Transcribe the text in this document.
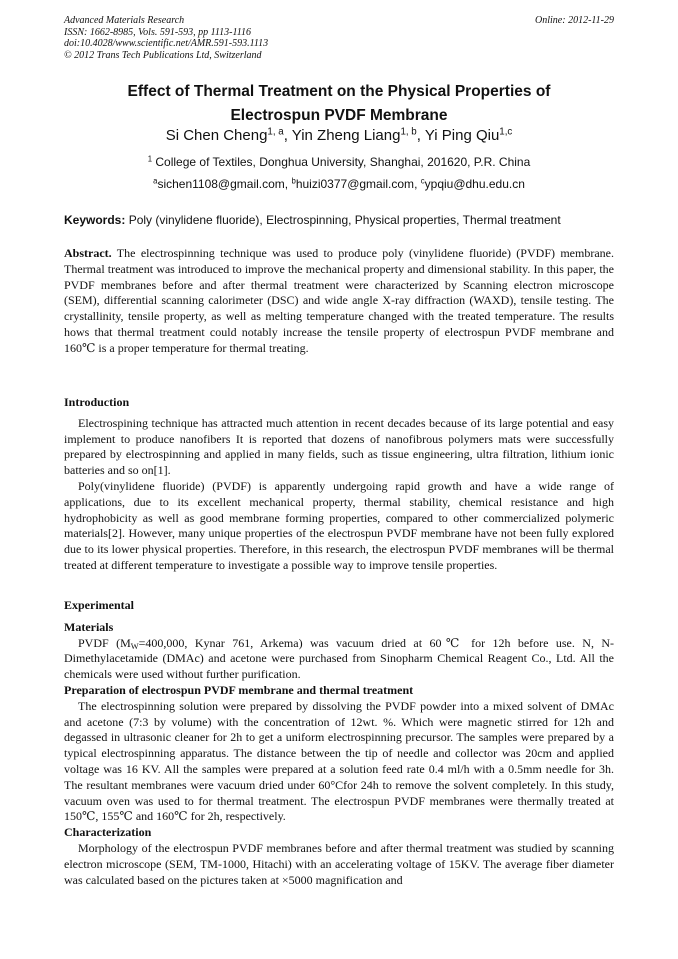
Advanced Materials Research
ISSN: 1662-8985, Vols. 591-593, pp 1113-1116
doi:10.4028/www.scientific.net/AMR.591-593.1113
© 2012 Trans Tech Publications Ltd, Switzerland
Online: 2012-11-29
Effect of Thermal Treatment on the Physical Properties of
Electrospun PVDF Membrane
Si Chen Cheng$^{1, a}$, Yin Zheng Liang$^{1, b}$, Yi Ping Qiu$^{1,c}$
$^1$ College of Textiles, Donghua University, Shanghai, 201620, P.R. China
$^a$sichen1108@gmail.com, $^b$huizi0377@gmail.com, $^c$ypqiu@dhu.edu.cn
Keywords: Poly (vinylidene fluoride), Electrospinning, Physical properties, Thermal treatment

Abstract. The electrospinning technique was used to produce poly (vinylidene fluoride) (PVDF) membrane. Thermal treatment was introduced to improve the mechanical property and dimensional stability. In this paper, the PVDF membranes before and after thermal treatment were characterized by Scanning electron microscope (SEM), differential scanning calorimeter (DSC) and wide angle X-ray diffraction (WAXD), tensile testing. The crystallinity, tensile property, as well as melting temperature changed with the treated temperature. The results hows that thermal treatment could notably increase the tensile property of electrospun PVDF membrane and 160℃ is a proper temperature for thermal treating.

Introduction

Electrospining technique has attracted much attention in recent decades because of its large potential and easy implement to produce nanofibers It is reported that dozens of nanofibrous polymers mats were successfully prepared by electrospinning and applied in many fields, such as tissue engineering, ultra filtration, lithium ionic batteries and so on[1].

Poly(vinylidene fluoride) (PVDF) is apparently undergoing rapid growth and have a wide range of applications, due to its excellent mechanical property, thermal stability, chemical resistance and high hydrophobicity as well as good membrane forming properties, compared to other commercialized polymeric materials[2]. However, many unique properties of the electrospun PVDF membrane have not been fully explored due to its lower physical properties. Therefore, in this research, the electrospun PVDF membranes will be thermal treated at different temperature to investigate a possible way to improve tensile properties.

Experimental

Materials

PVDF ($M_W=400,000$, Kynar 761, Arkema) was vacuum dried at 60℃ for 12h before use. N, N-Dimethylacetamide (DMAc) and acetone were purchased from Sinopharm Chemical Reagent Co., Ltd. All the chemicals were used without further purification.

Preparation of electrospun PVDF membrane and thermal treatment

The electrospinning solution were prepared by dissolving the PVDF powder into a mixed solvent of DMAc and acetone (7:3 by volume) with the concentration of 12wt. %. Which were magnetic stirred for 12h and degassed in ultrasonic cleaner for 2h to get a uniform electrospinning precursor. The samples were prepared by a typical electrospinning apparatus. The distance between the tip of needle and collector was 20cm and applied voltage was 16 KV. All the samples were prepared at a solution feed rate 0.4 ml/h with a 0.5mm needle for 3h. The resultant membranes were vacuum dried under 60°Cfor 24h to remove the solvent completely. In this study, vacuum oven was used to for thermal treatment. The electrospun PVDF membranes were thermally treated at 150℃, 155℃ and 160℃ for 2h, respectively.

Characterization

Morphology of the electrospun PVDF membranes before and after thermal treatment was studied by scanning electron microscope (SEM, TM-1000, Hitachi) with an accelerating voltage of 15KV. The average fiber diameter was calculated based on the pictures taken at ×5000 magnification and
